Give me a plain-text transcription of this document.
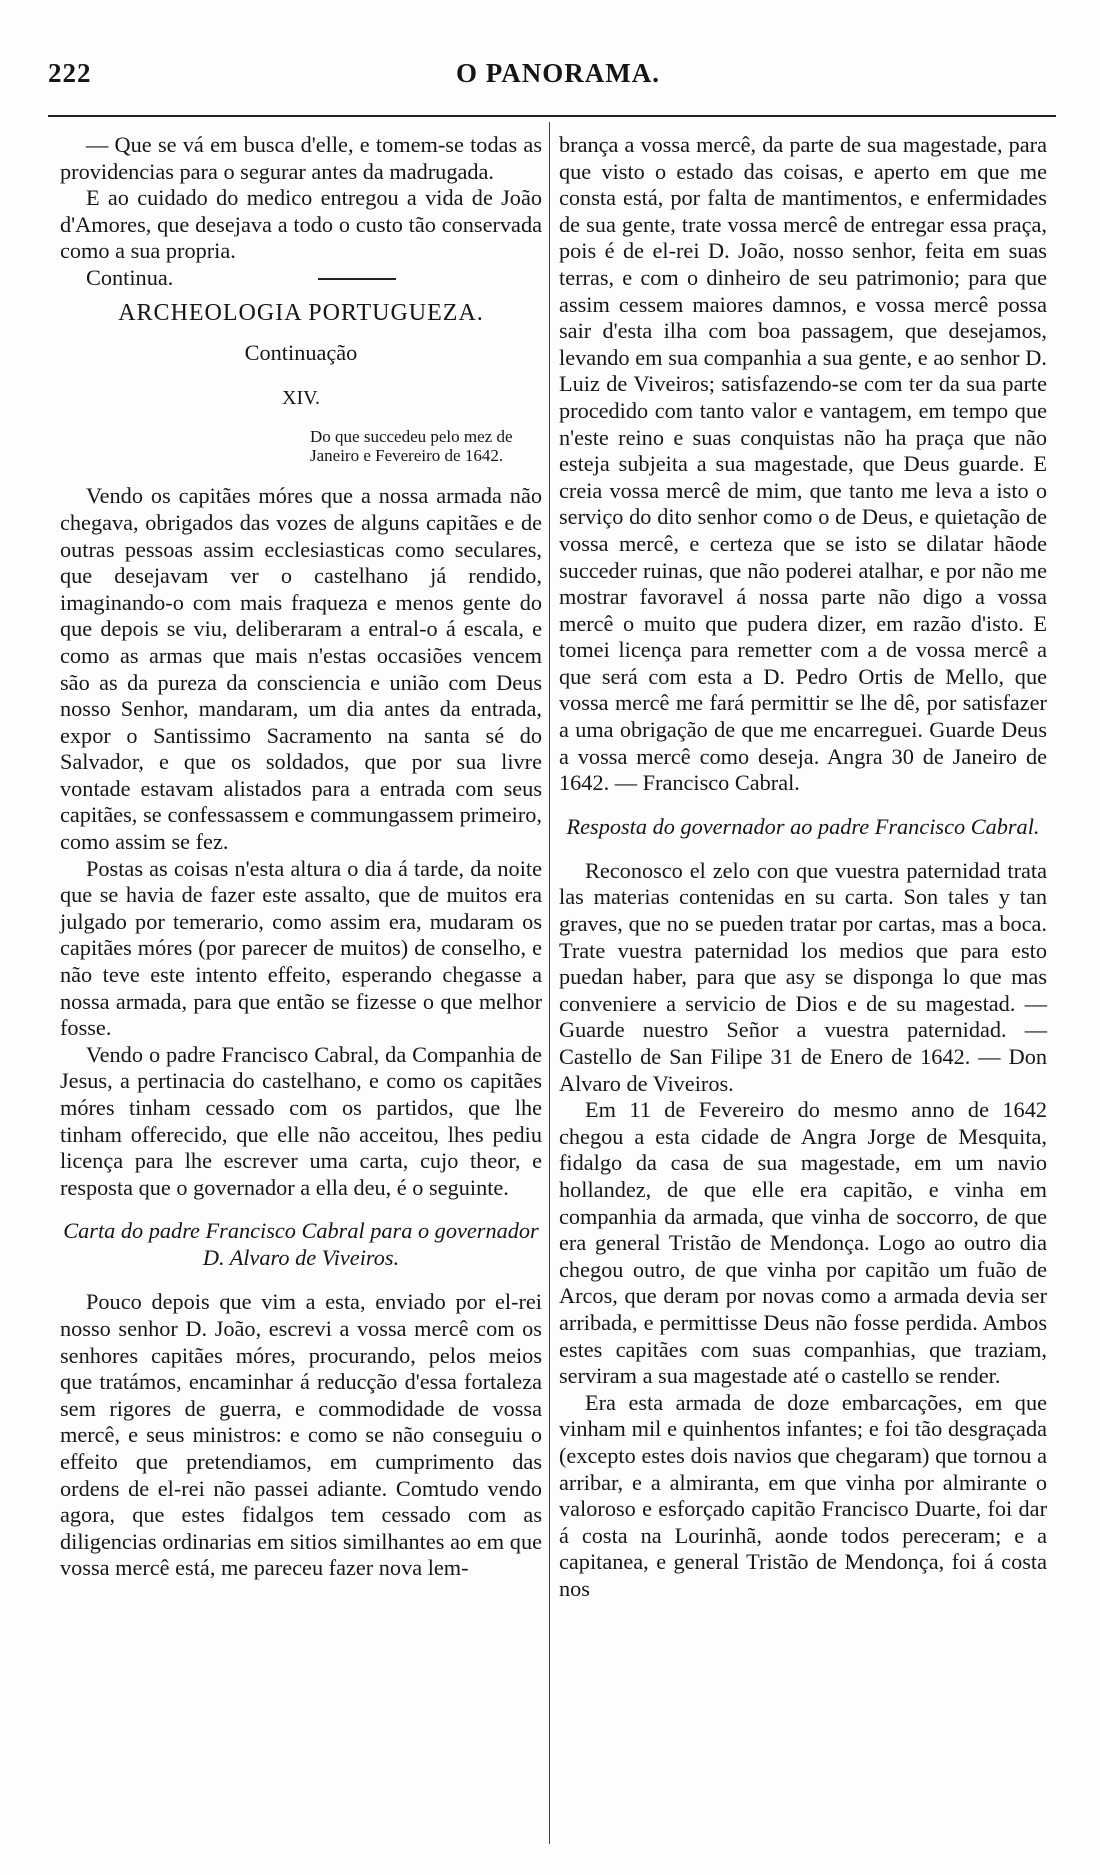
222	O PANORAMA.

— Que se vá em busca d'elle, e tomem-se todas as providencias para o segurar antes da madrugada.

E ao cuidado do medico entregou a vida de João d'Amores, que desejava a todo o custo tão conservada como a sua propria.

Continua.

ARCHEOLOGIA PORTUGUEZA.
Continuação
XIV.
Do que succedeu pelo mez de Janeiro e Fevereiro de 1642.

Vendo os capitães móres que a nossa armada não chegava, obrigados das vozes de alguns capitães e de outras pessoas assim ecclesiasticas como seculares, que desejavam ver o castelhano já rendido, imaginando-o com mais fraqueza e menos gente do que depois se viu, deliberaram a entral-o á escala, e como as armas que mais n'estas occasiões vencem são as da pureza da consciencia e união com Deus nosso Senhor, mandaram, um dia antes da entrada, expor o Santissimo Sacramento na santa sé do Salvador, e que os soldados, que por sua livre vontade estavam alistados para a entrada com seus capitães, se confessassem e commungassem primeiro, como assim se fez.

Postas as coisas n'esta altura o dia á tarde, da noite que se havia de fazer este assalto, que de muitos era julgado por temerario, como assim era, mudaram os capitães móres (por parecer de muitos) de conselho, e não teve este intento effeito, esperando chegasse a nossa armada, para que então se fizesse o que melhor fosse.

Vendo o padre Francisco Cabral, da Companhia de Jesus, a pertinacia do castelhano, e como os capitães móres tinham cessado com os partidos, que lhe tinham offerecido, que elle não acceitou, lhes pediu licença para lhe escrever uma carta, cujo theor, e resposta que o governador a ella deu, é o seguinte.

Carta do padre Francisco Cabral para o governador D. Alvaro de Viveiros.

Pouco depois que vim a esta, enviado por el-rei nosso senhor D. João, escrevi a vossa mercê com os senhores capitães móres, procurando, pelos meios que tratámos, encaminhar á reducção d'essa fortaleza sem rigores de guerra, e commodidade de vossa mercê, e seus ministros: e como se não conseguiu o effeito que pretendiamos, em cumprimento das ordens de el-rei não passei adiante. Comtudo vendo agora, que estes fidalgos tem cessado com as diligencias ordinarias em sitios similhantes ao em que vossa mercê está, me pareceu fazer nova lem-

brança a vossa mercê, da parte de sua magestade, para que visto o estado das coisas, e aperto em que me consta está, por falta de mantimentos, e enfermidades de sua gente, trate vossa mercê de entregar essa praça, pois é de el-rei D. João, nosso senhor, feita em suas terras, e com o dinheiro de seu patrimonio; para que assim cessem maiores damnos, e vossa mercê possa sair d'esta ilha com boa passagem, que desejamos, levando em sua companhia a sua gente, e ao senhor D. Luiz de Viveiros; satisfazendo-se com ter da sua parte procedido com tanto valor e vantagem, em tempo que n'este reino e suas conquistas não ha praça que não esteja subjeita a sua magestade, que Deus guarde. E creia vossa mercê de mim, que tanto me leva a isto o serviço do dito senhor como o de Deus, e quietação de vossa mercê, e certeza que se isto se dilatar hãode succeder ruinas, que não poderei atalhar, e por não me mostrar favoravel á nossa parte não digo a vossa mercê o muito que pudera dizer, em razão d'isto. E tomei licença para remetter com a de vossa mercê a que será com esta a D. Pedro Ortis de Mello, que vossa mercê me fará permittir se lhe dê, por satisfazer a uma obrigação de que me encarreguei. Guarde Deus a vossa mercê como deseja. Angra 30 de Janeiro de 1642. — Francisco Cabral.

Resposta do governador ao padre Francisco Cabral.

Reconosco el zelo con que vuestra paternidad trata las materias contenidas en su carta. Son tales y tan graves, que no se pueden tratar por cartas, mas a boca. Trate vuestra paternidad los medios que para esto puedan haber, para que asy se disponga lo que mas conveniere a servicio de Dios e de su magestad. — Guarde nuestro Señor a vuestra paternidad. — Castello de San Filipe 31 de Enero de 1642. — Don Alvaro de Viveiros.

Em 11 de Fevereiro do mesmo anno de 1642 chegou a esta cidade de Angra Jorge de Mesquita, fidalgo da casa de sua magestade, em um navio hollandez, de que elle era capitão, e vinha em companhia da armada, que vinha de soccorro, de que era general Tristão de Mendonça. Logo ao outro dia chegou outro, de que vinha por capitão um fuão de Arcos, que deram por novas como a armada devia ser arribada, e permittisse Deus não fosse perdida. Ambos estes capitães com suas companhias, que traziam, serviram a sua magestade até o castello se render.

Era esta armada de doze embarcações, em que vinham mil e quinhentos infantes; e foi tão desgraçada (excepto estes dois navios que chegaram) que tornou a arribar, e a almiranta, em que vinha por almirante o valoroso e esforçado capitão Francisco Duarte, foi dar á costa na Lourinhã, aonde todos pereceram; e a capitanea, e general Tristão de Mendonça, foi á costa nos
